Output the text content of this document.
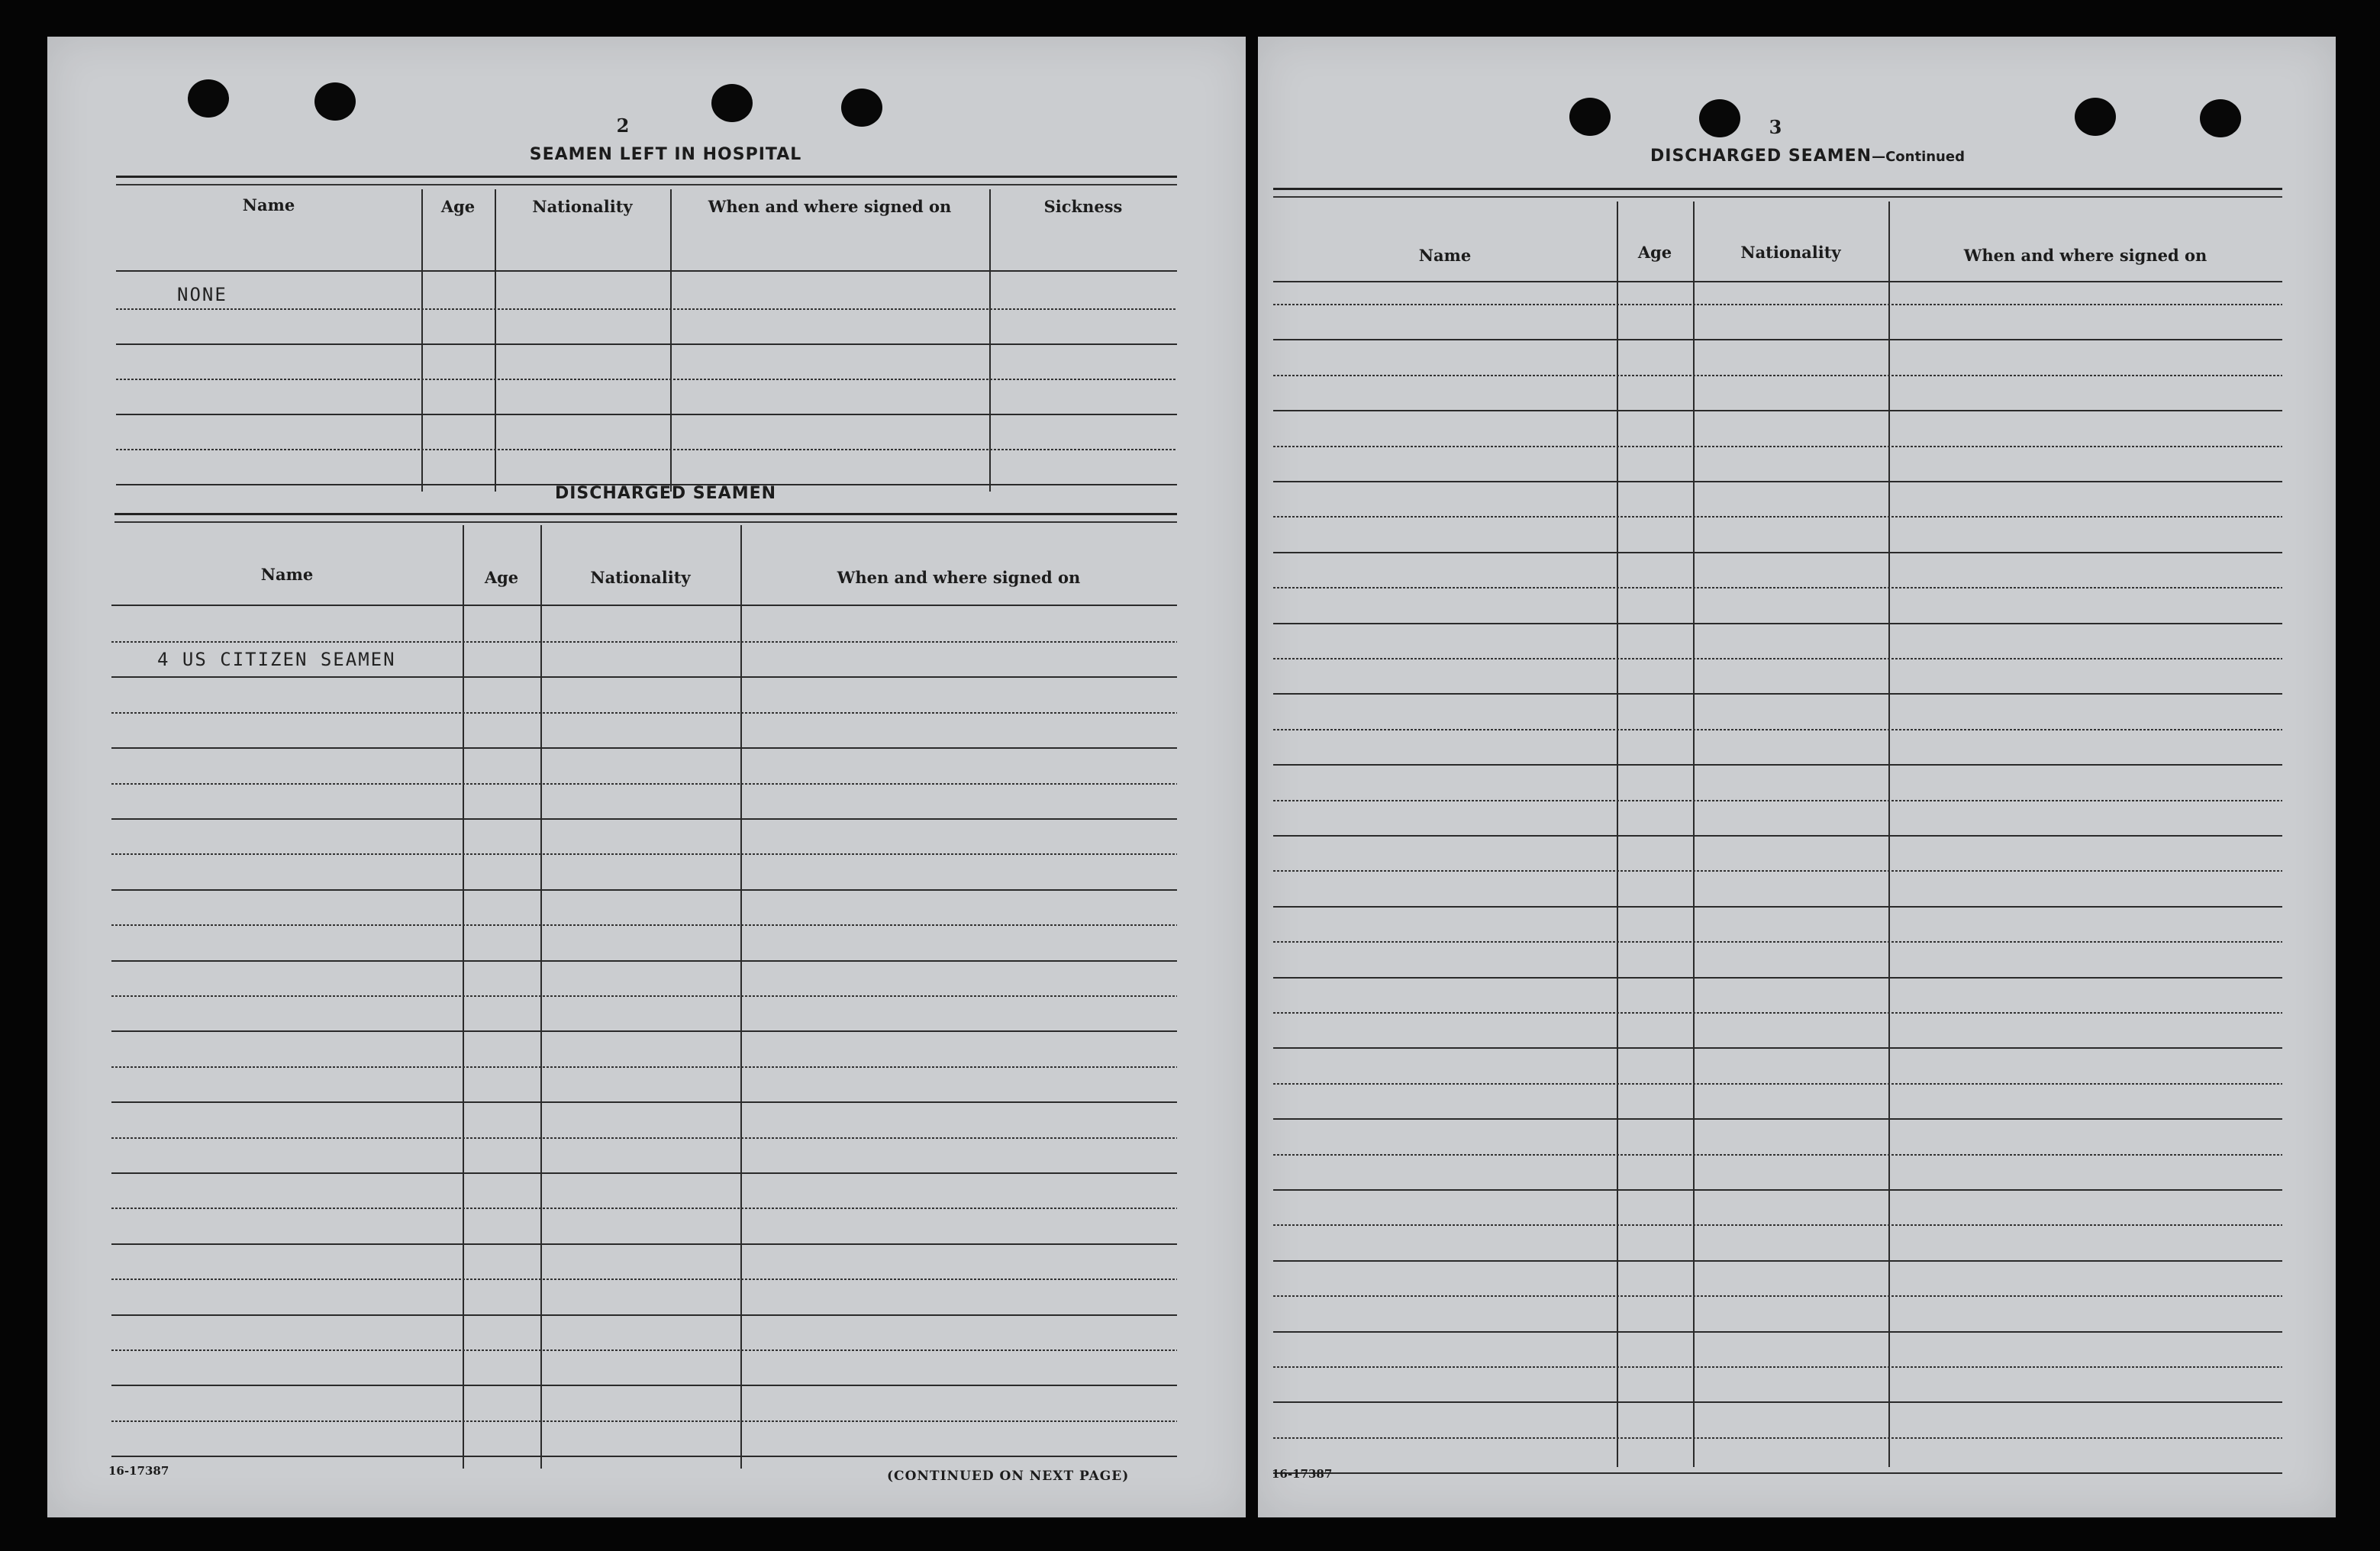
2
SEAMEN LEFT IN HOSPITAL
Name	Age	Nationality	When and where signed on	Sickness
NONE
DISCHARGED SEAMEN
Name	Age	Nationality	When and where signed on
4 US CITIZEN SEAMEN
16-17387	(CONTINUED ON NEXT PAGE)
3
DISCHARGED SEAMEN—Continued
Name	Age	Nationality	When and where signed on
16-17387
